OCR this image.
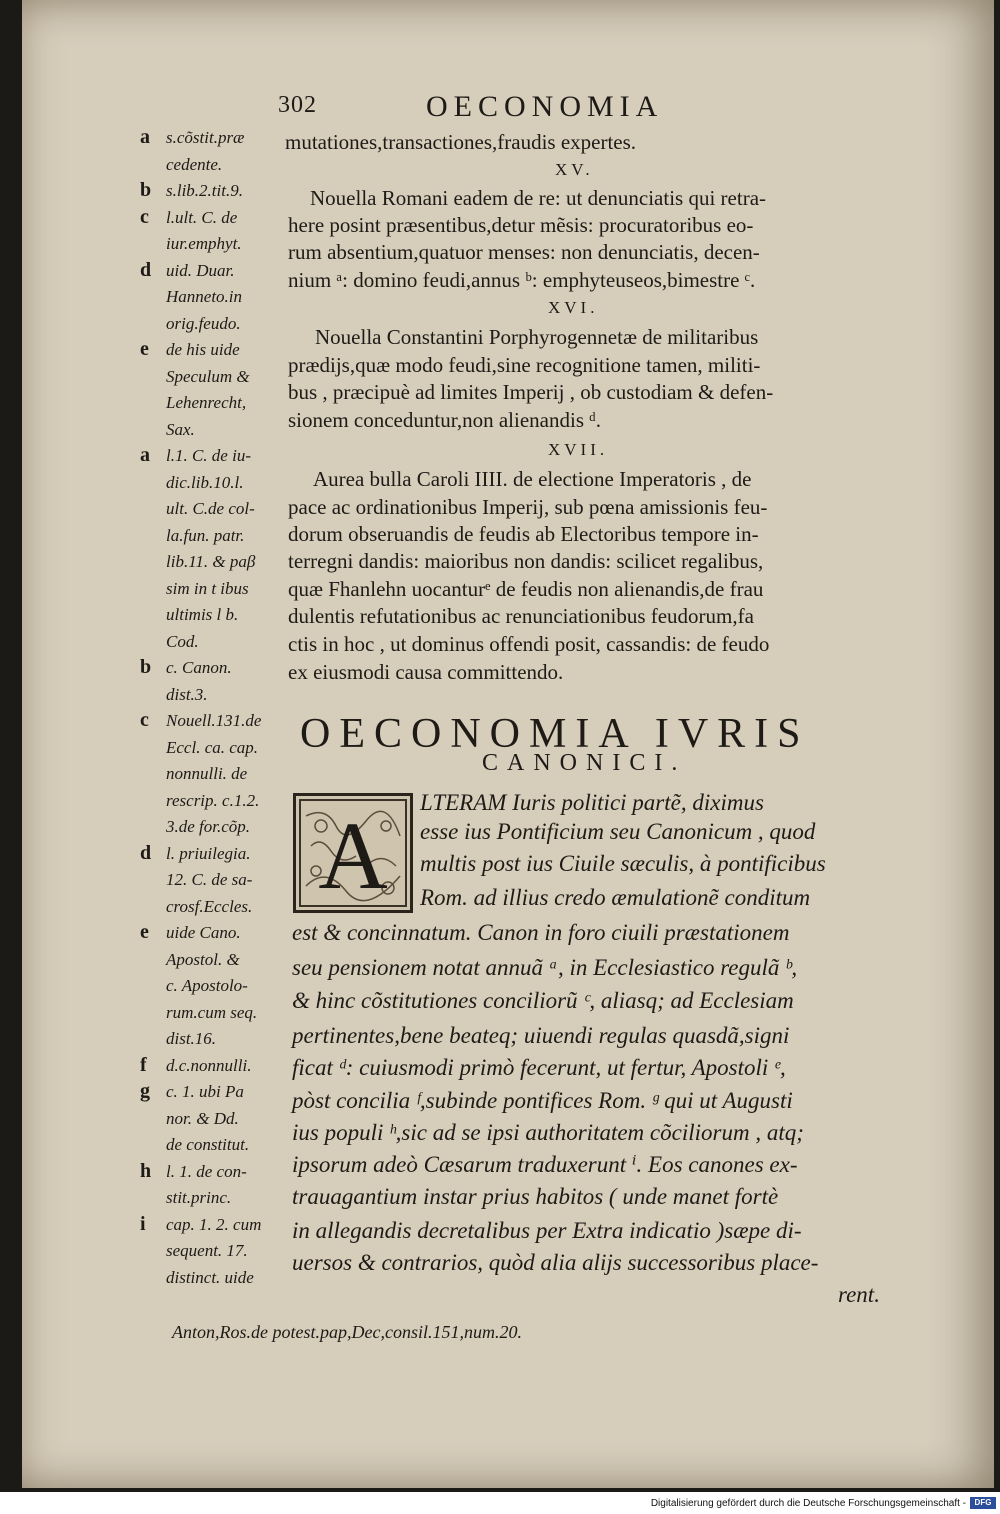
302	OECONOMIA
mutationes,transactiones,fraudis expertes.
XV.
Nouella Romani eadem de re: ut denunciatis qui retra-
here posint præsentibus,detur mẽsis: procuratoribus eo-
rum absentium,quatuor menses: non denunciatis, decen-
nium ᵃ: domino feudi,annus ᵇ: emphyteuseos,bimestre ᶜ.
XVI.
Nouella Constantini Porphyrogennetæ de militaribus
prædijs,quæ modo feudi,sine recognitione tamen, militi-
bus , præcipuè ad limites Imperij , ob custodiam & defen-
sionem conceduntur,non alienandis ᵈ.
XVII.
Aurea bulla Caroli IIII. de electione Imperatoris , de
pace ac ordinationibus Imperij, sub pœna amissionis feu-
dorum obseruandis de feudis ab Electoribus tempore in-
terregni dandis: maioribus non dandis: scilicet regalibus,
quæ Fhanlehn uocanturᵉ de feudis non alienandis,de frau
dulentis refutationibus ac renunciationibus feudorum,fa
ctis in hoc , ut dominus offendi posit, cassandis: de feudo
ex eiusmodi causa committendo.
OECONOMIA IVRIS
CANONICI.
A LTERAM Iuris politici partẽ, diximus
esse ius Pontificium seu Canonicum , quod
multis post ius Ciuile sæculis, à pontificibus
Rom. ad illius credo æmulationẽ conditum
est & concinnatum. Canon in foro ciuili præstationem
seu pensionem notat annuã ᵃ, in Ecclesiastico regulã ᵇ,
& hinc cõstitutiones conciliorũ ᶜ, aliasq; ad Ecclesiam
pertinentes,bene beateq; uiuendi regulas quasdã,signi
ficat ᵈ: cuiusmodi primò fecerunt, ut fertur, Apostoli ᵉ,
pòst concilia ᶠ,subinde pontifices Rom. ᵍ qui ut Augusti
ius populi ʰ,sic ad se ipsi authoritatem cõciliorum , atq;
ipsorum adeò Cæsarum traduxerunt ⁱ. Eos canones ex-
trauagantium instar prius habitos ( unde manet fortè
in allegandis decretalibus per Extra indicatio )sæpe di-
uersos & contrarios, quòd alia alijs successoribus place-
rent.
a s.cõstit.præ
cedente.
b s.lib.2.tit.9.
c l.ult. C. de
iur.emphyt.
d uid. Duar.
Hanneto.in
orig.feudo.
e de his uide
Speculum &
Lehenrecht,
Sax.
a l.1. C. de iu-
dic.lib.10.l.
ult. C.de col-
la.fun. patr.
lib.11. & paβ
sim in t ibus
ultimis l b.
Cod.
b c. Canon.
dist.3.
c Nouell.131.de
Eccl. ca. cap.
nonnulli. de
rescrip. c.1.2.
3.de for.cõp.
d l. priuilegia.
12. C. de sa-
crosf.Eccles.
e uide Cano.
Apostol. &
c. Apostolo-
rum.cum seq.
dist.16.
f d.c.nonnulli.
g c. 1. ubi Pa
nor. & Dd.
de constitut.
h l. 1. de con-
stit.princ.
i cap. 1. 2. cum
sequent. 17.
distinct. uide
Anton,Ros.de potest.pap,Dec,consil.151,num.20.
Digitalisierung gefördert durch die Deutsche Forschungsgemeinschaft -	DFG
